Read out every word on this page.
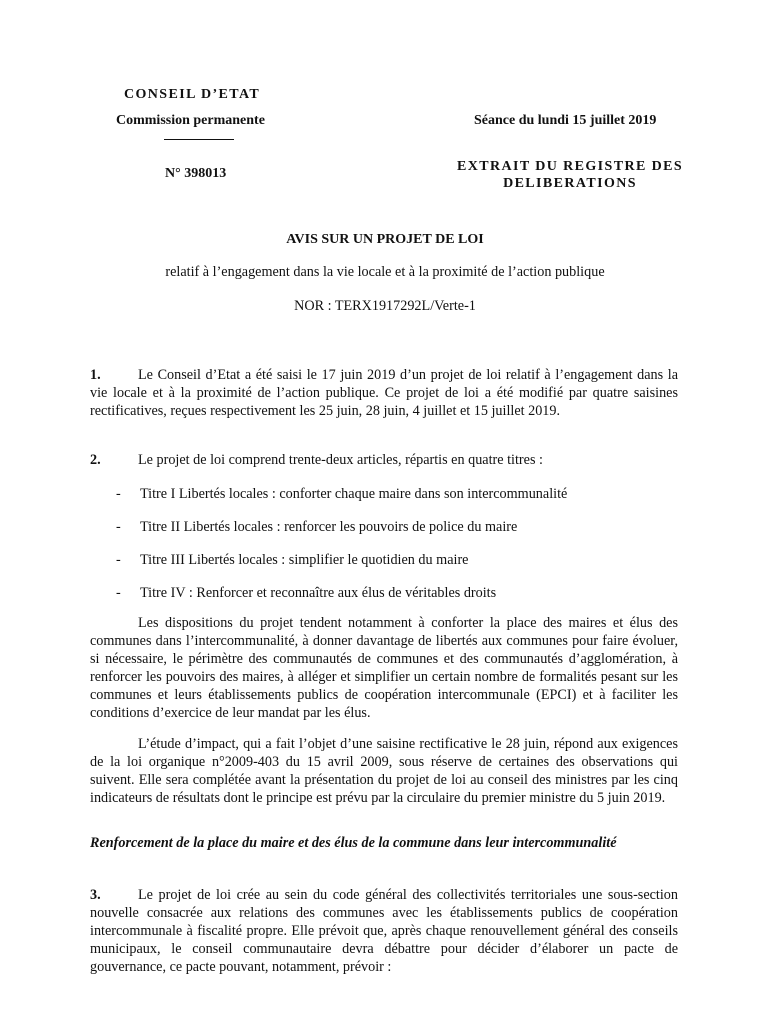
CONSEIL D’ETAT
Commission permanente
N° 398013
Séance du lundi 15 juillet 2019
EXTRAIT DU REGISTRE DES DELIBERATIONS
AVIS SUR UN PROJET DE LOI
relatif à l’engagement dans la vie locale et à la proximité de l’action publique
NOR : TERX1917292L/Verte-1
1.	Le Conseil d’Etat a été saisi le 17 juin 2019 d’un projet de loi relatif à l’engagement dans la vie locale et à la proximité de l’action publique. Ce projet de loi a été modifié par quatre saisines rectificatives, reçues respectivement les 25 juin, 28 juin, 4 juillet et 15 juillet 2019.
2.	Le projet de loi comprend trente-deux articles, répartis en quatre titres :
- Titre I Libertés locales : conforter chaque maire dans son intercommunalité
- Titre II Libertés locales : renforcer les pouvoirs de police du maire
- Titre III Libertés locales : simplifier le quotidien du maire
- Titre IV : Renforcer et reconnaître aux élus de véritables droits
Les dispositions du projet tendent notamment à conforter la place des maires et élus des communes dans l’intercommunalité, à donner davantage de libertés aux communes pour faire évoluer, si nécessaire, le périmètre des communautés de communes et des communautés d’agglomération, à renforcer les pouvoirs des maires, à alléger et simplifier un certain nombre de formalités pesant sur les communes et leurs établissements publics de coopération intercommunale (EPCI) et à faciliter les conditions d’exercice de leur mandat par les élus.
L’étude d’impact, qui a fait l’objet d’une saisine rectificative le 28 juin, répond aux exigences de la loi organique n°2009-403 du 15 avril 2009, sous réserve de certaines des observations qui suivent. Elle sera complétée avant la présentation du projet de loi au conseil des ministres par les cinq indicateurs de résultats dont le principe est prévu par la circulaire du premier ministre du 5 juin 2019.
Renforcement de la place du maire et des élus de la commune dans leur intercommunalité
3.	Le projet de loi crée au sein du code général des collectivités territoriales une sous-section nouvelle consacrée aux relations des communes avec les établissements publics de coopération intercommunale à fiscalité propre. Elle prévoit que, après chaque renouvellement général des conseils municipaux, le conseil communautaire devra débattre pour décider d’élaborer un pacte de gouvernance, ce pacte pouvant, notamment, prévoir :
